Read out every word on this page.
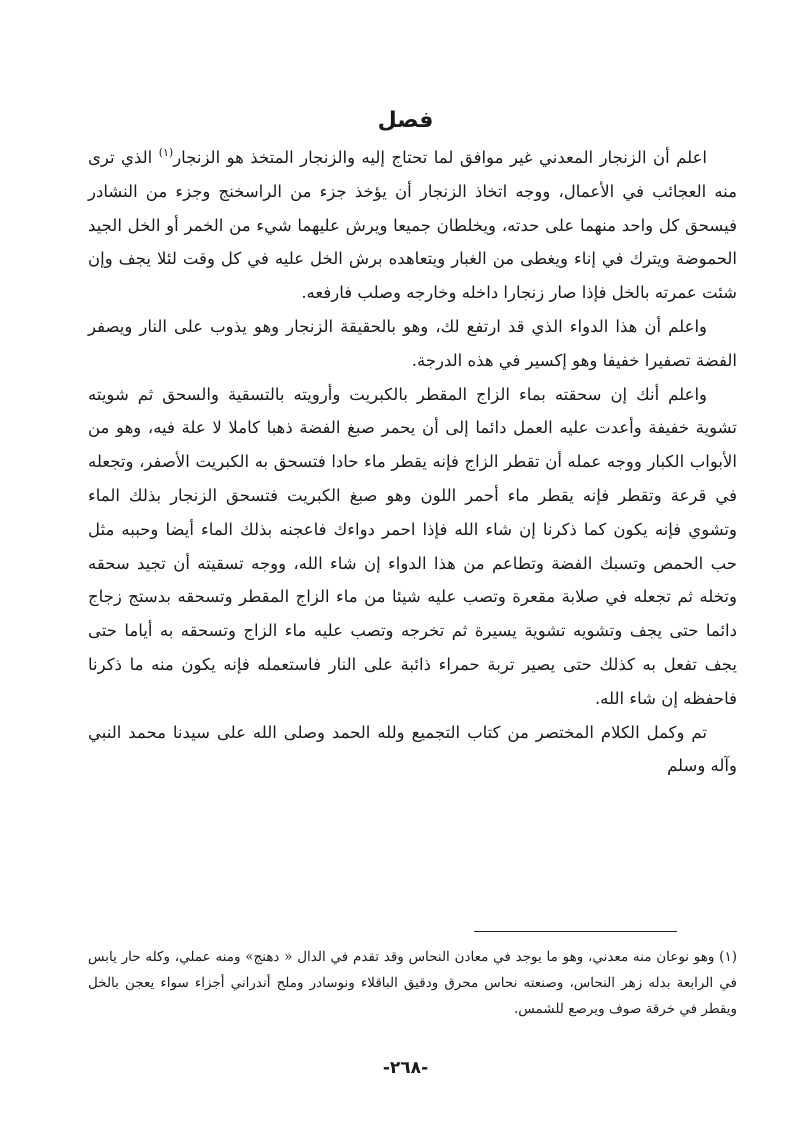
فصل

اعلم أن الزنجار المعدني غير موافق لما تحتاج إليه والزنجار المتخذ هو الزنجار$^{(١)}$ الذي ترى منه العجائب في الأعمال، ووجه اتخاذ الزنجار أن يؤخذ جزء من الراسخنج وجزء من النشادر فيسحق كل واحد منهما على حدته، ويخلطان جميعا ويرش عليهما شيء من الخمر أو الخل الجيد الحموضة ويترك في إناء ويغطى من الغبار ويتعاهده برش الخل عليه في كل وقت لئلا يجف وإن شئت عمرته بالخل فإذا صار زنجارا داخله وخارجه وصلب فارفعه.

واعلم أن هذا الدواء الذي قد ارتفع لك، وهو بالحقيقة الزنجار وهو يذوب على النار ويصفر الفضة تصفيرا خفيفا وهو إكسير في هذه الدرجة.

واعلم أنك إن سحقته بماء الزاج المقطر بالكبريت وأرويته بالتسقية والسحق ثم شويته تشوية خفيفة وأعدت عليه العمل دائما إلى أن يحمر صبغ الفضة ذهبا كاملا لا علة فيه، وهو من الأبواب الكبار ووجه عمله أن تقطر الزاج فإنه يقطر ماء حادا فتسحق به الكبريت الأصفر، وتجعله في قرعة وتقطر فإنه يقطر ماء أحمر اللون وهو صبغ الكبريت فتسحق الزنجار بذلك الماء وتشوي فإنه يكون كما ذكرنا إن شاء الله فإذا احمر دواءك فاعجنه بذلك الماء أيضا وحببه مثل حب الحمص وتسبك الفضة وتطاعم من هذا الدواء إن شاء الله، ووجه تسقيته أن تجيد سحقه وتخله ثم تجعله في صلابة مقعرة وتصب عليه شيئا من ماء الزاج المقطر وتسحقه بدستج زجاج دائما حتى يجف وتشويه تشوية يسيرة ثم تخرجه وتصب عليه ماء الزاج وتسحقه به أياما حتى يجف تفعل به كذلك حتى يصير تربة حمراء ذائبة على النار فاستعمله فإنه يكون منه ما ذكرنا فاحفظه إن شاء الله.

تم وكمل الكلام المختصر من كتاب التجميع ولله الحمد وصلى الله على سيدنا محمد النبي وآله وسلم

(١) وهو نوعان منه معدني، وهو ما يوجد في معادن النحاس وقد تقدم في الدال « دهنج» ومنه عملي، وكله حار يابس في الرابعة بدله زهر النحاس، وصنعته نحاس محرق ودقيق الباقلاء ونوسادر وملح أندراني أجزاء سواء يعجن بالخل ويقطر في خرقة صوف ويرصع للشمس.
-٢٦٨-
